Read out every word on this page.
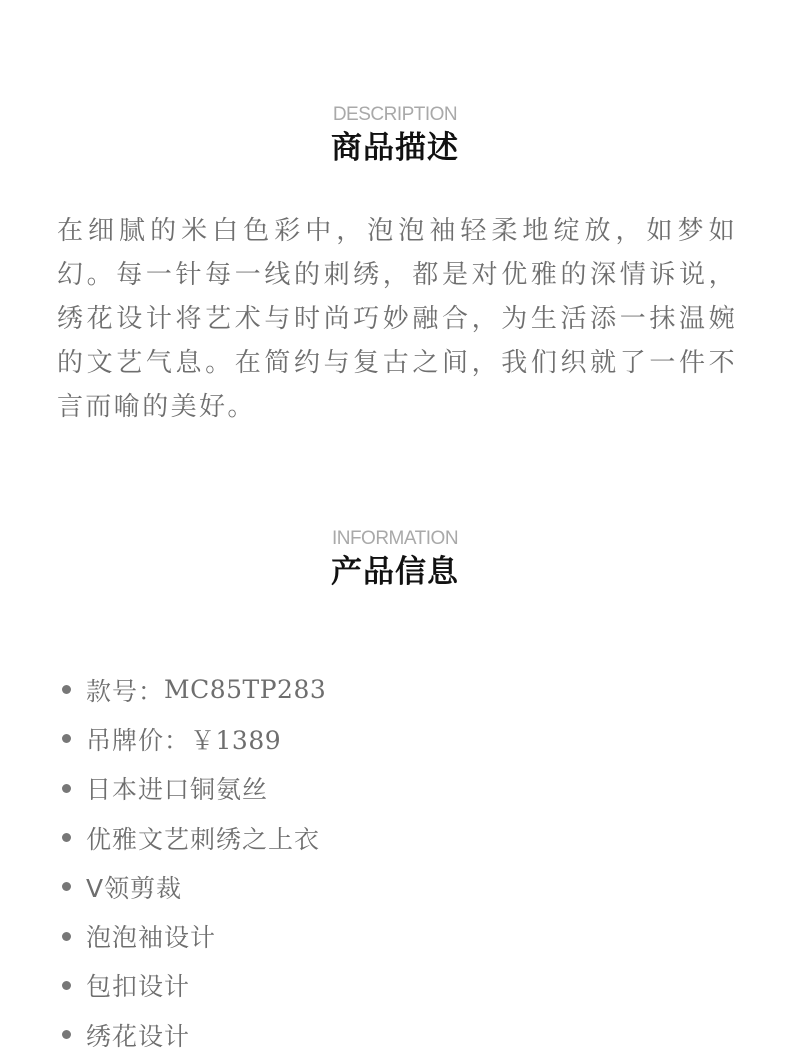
DESCRIPTION
商品描述

在细腻的米白色彩中，泡泡袖轻柔地绽放，如梦如幻。每一针每一线的刺绣，都是对优雅的深情诉说，绣花设计将艺术与时尚巧妙融合，为生活添一抹温婉的文艺气息。在简约与复古之间，我们织就了一件不言而喻的美好。

INFORMATION
产品信息
款号： MC85TP283
吊牌价： ￥1389
日本进口铜氨丝
优雅文艺刺绣之上衣
V领剪裁
泡泡袖设计
包扣设计
绣花设计
